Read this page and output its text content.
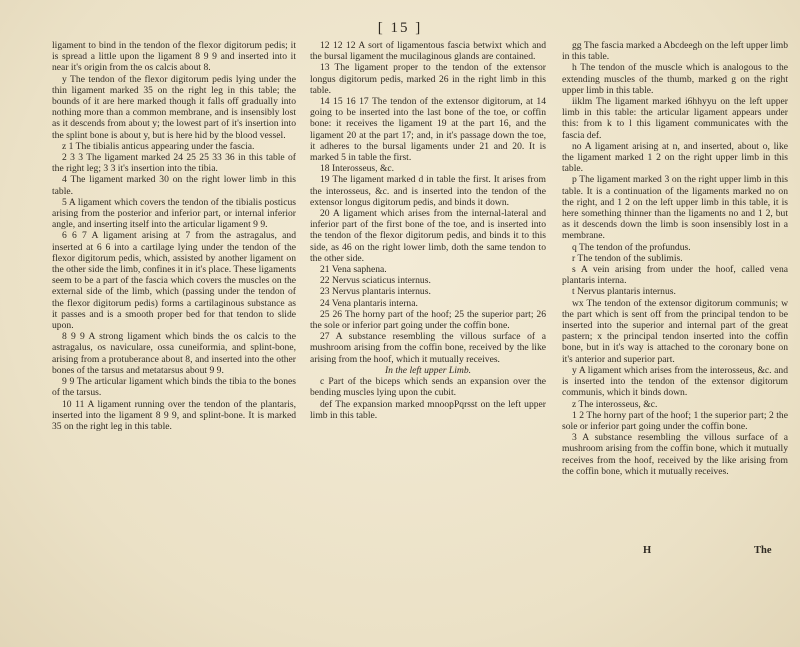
[ 15 ]

ligament to bind in the tendon of the flexor digitorum pedis; it is spread a little upon the ligament 8 9 9 and inserted into it near it's origin from the os calcis about 8.

y The tendon of the flexor digitorum pedis lying under the thin ligament marked 35 on the right leg in this table; the bounds of it are here marked though it falls off gradually into nothing more than a common membrane, and is insensibly lost as it descends from about y; the lowest part of it's insertion into the splint bone is about y, but is here hid by the blood vessel.

z 1 The tibialis anticus appearing under the fascia.

2 3 3 The ligament marked 24 25 25 33 36 in this table of the right leg; 3 3 it's insertion into the tibia.

4 The ligament marked 30 on the right lower limb in this table.

5 A ligament which covers the tendon of the tibialis posticus arising from the posterior and inferior part, or internal inferior angle, and inserting itself into the articular ligament 9 9.

6 6 7 A ligament arising at 7 from the astragalus, and inserted at 6 6 into a cartilage lying under the tendon of the flexor digitorum pedis, which, assisted by another ligament on the other side the limb, confines it in it's place. These ligaments seem to be a part of the fascia which covers the muscles on the external side of the limb, which (passing under the tendon of the flexor digitorum pedis) forms a cartilaginous substance as it passes and is a smooth proper bed for that tendon to slide upon.

8 9 9 A strong ligament which binds the os calcis to the astragalus, os naviculare, ossa cuneiformia, and splint-bone, arising from a protuberance about 8, and inserted into the other bones of the tarsus and metatarsus about 9 9.

9 9 The articular ligament which binds the tibia to the bones of the tarsus.

10 11 A ligament running over the tendon of the plantaris, inserted into the ligament 8 9 9, and splint-bone. It is marked 35 on the right leg in this table.

12 12 12 A sort of ligamentous fascia betwixt which and the bursal ligament the mucilaginous glands are contained.

13 The ligament proper to the tendon of the extensor longus digitorum pedis, marked 26 in the right limb in this table.

14 15 16 17 The tendon of the extensor digitorum, at 14 going to be inserted into the last bone of the toe, or coffin bone: it receives the ligament 19 at the part 16, and the ligament 20 at the part 17; and, in it's passage down the toe, it adheres to the bursal ligaments under 21 and 20. It is marked 5 in table the first.

18 Interosseus, &c.

19 The ligament marked d in table the first. It arises from the interosseus, &c. and is inserted into the tendon of the extensor longus digitorum pedis, and binds it down.

20 A ligament which arises from the internal-lateral and inferior part of the first bone of the toe, and is inserted into the tendon of the flexor digitorum pedis, and binds it to this side, as 46 on the right lower limb, doth the same tendon to the other side.

21 Vena saphena.

22 Nervus sciaticus internus.

23 Nervus plantaris internus.

24 Vena plantaris interna.

25 26 The horny part of the hoof; 25 the superior part; 26 the sole or inferior part going under the coffin bone.

27 A substance resembling the villous surface of a mushroom arising from the coffin bone, received by the like arising from the hoof, which it mutually receives.

In the left upper Limb.

c Part of the biceps which sends an expansion over the bending muscles lying upon the cubit.

def The expansion marked mnoopPqrsst on the left upper limb in this table.

gg The fascia marked a Abcdeegh on the left upper limb in this table.

h The tendon of the muscle which is analogous to the extending muscles of the thumb, marked g on the right upper limb in this table.

iiklm The ligament marked i6hhyyu on the left upper limb in this table: the articular ligament appears under this: from k to l this ligament communicates with the fascia def.

no A ligament arising at n, and inserted, about o, like the ligament marked 1 2 on the right upper limb in this table.

p The ligament marked 3 on the right upper limb in this table. It is a continuation of the ligaments marked no on the right, and 1 2 on the left upper limb in this table, it is here something thinner than the ligaments no and 1 2, but as it descends down the limb is soon insensibly lost in a membrane.

q The tendon of the profundus.

r The tendon of the sublimis.

s A vein arising from under the hoof, called vena plantaris interna.

t Nervus plantaris internus.

wx The tendon of the extensor digitorum communis; w the part which is sent off from the principal tendon to be inserted into the superior and internal part of the great pastern; x the principal tendon inserted into the coffin bone, but in it's way is attached to the coronary bone on it's anterior and superior part.

y A ligament which arises from the interosseus, &c. and is inserted into the tendon of the extensor digitorum communis, which it binds down.

z The interosseus, &c.

1 2 The horny part of the hoof; 1 the superior part; 2 the sole or inferior part going under the coffin bone.

3 A substance resembling the villous surface of a mushroom arising from the coffin bone, which it mutually receives from the hoof, received by the like arising from the coffin bone, which it mutually receives.

H	The
